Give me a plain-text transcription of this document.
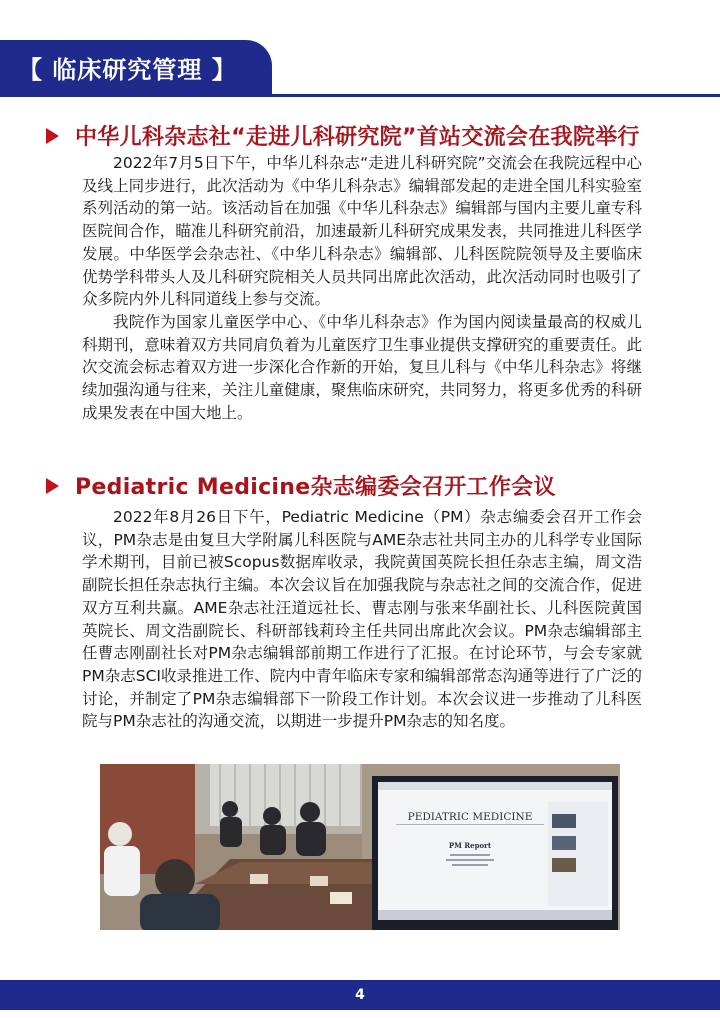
【 临床研究管理 】
中华儿科杂志社“走进儿科研究院”首站交流会在我院举行

2022年7月5日下午，中华儿科杂志“走进儿科研究院”交流会在我院远程中心及线上同步进行，此次活动为《中华儿科杂志》编辑部发起的走进全国儿科实验室系列活动的第一站。该活动旨在加强《中华儿科杂志》编辑部与国内主要儿童专科医院间合作，瞄准儿科研究前沿，加速最新儿科研究成果发表，共同推进儿科医学发展。中华医学会杂志社、《中华儿科杂志》编辑部、儿科医院院领导及主要临床优势学科带头人及儿科研究院相关人员共同出席此次活动，此次活动同时也吸引了众多院内外儿科同道线上参与交流。

我院作为国家儿童医学中心、《中华儿科杂志》作为国内阅读量最高的权威儿科期刊，意味着双方共同肩负着为儿童医疗卫生事业提供支撑研究的重要责任。此次交流会标志着双方进一步深化合作新的开始，复旦儿科与《中华儿科杂志》将继续加强沟通与往来，关注儿童健康，聚焦临床研究，共同努力，将更多优秀的科研成果发表在中国大地上。

Pediatric Medicine杂志编委会召开工作会议

2022年8月26日下午，Pediatric Medicine（PM）杂志编委会召开工作会议，PM杂志是由复旦大学附属儿科医院与AME杂志社共同主办的儿科学专业国际学术期刊，目前已被Scopus数据库收录，我院黄国英院长担任杂志主编，周文浩副院长担任杂志执行主编。本次会议旨在加强我院与杂志社之间的交流合作，促进双方互利共赢。AME杂志社汪道远社长、曹志刚与张来华副社长、儿科医院黄国英院长、周文浩副院长、科研部钱莉玲主任共同出席此次会议。PM杂志编辑部主任曹志刚副社长对PM杂志编辑部前期工作进行了汇报。在讨论环节，与会专家就PM杂志SCI收录推进工作、院内中青年临床专家和编辑部常态沟通等进行了广泛的讨论，并制定了PM杂志编辑部下一阶段工作计划。本次会议进一步推动了儿科医院与PM杂志社的沟通交流，以期进一步提升PM杂志的知名度。

PEDIATRIC MEDICINE
PM Report
4
